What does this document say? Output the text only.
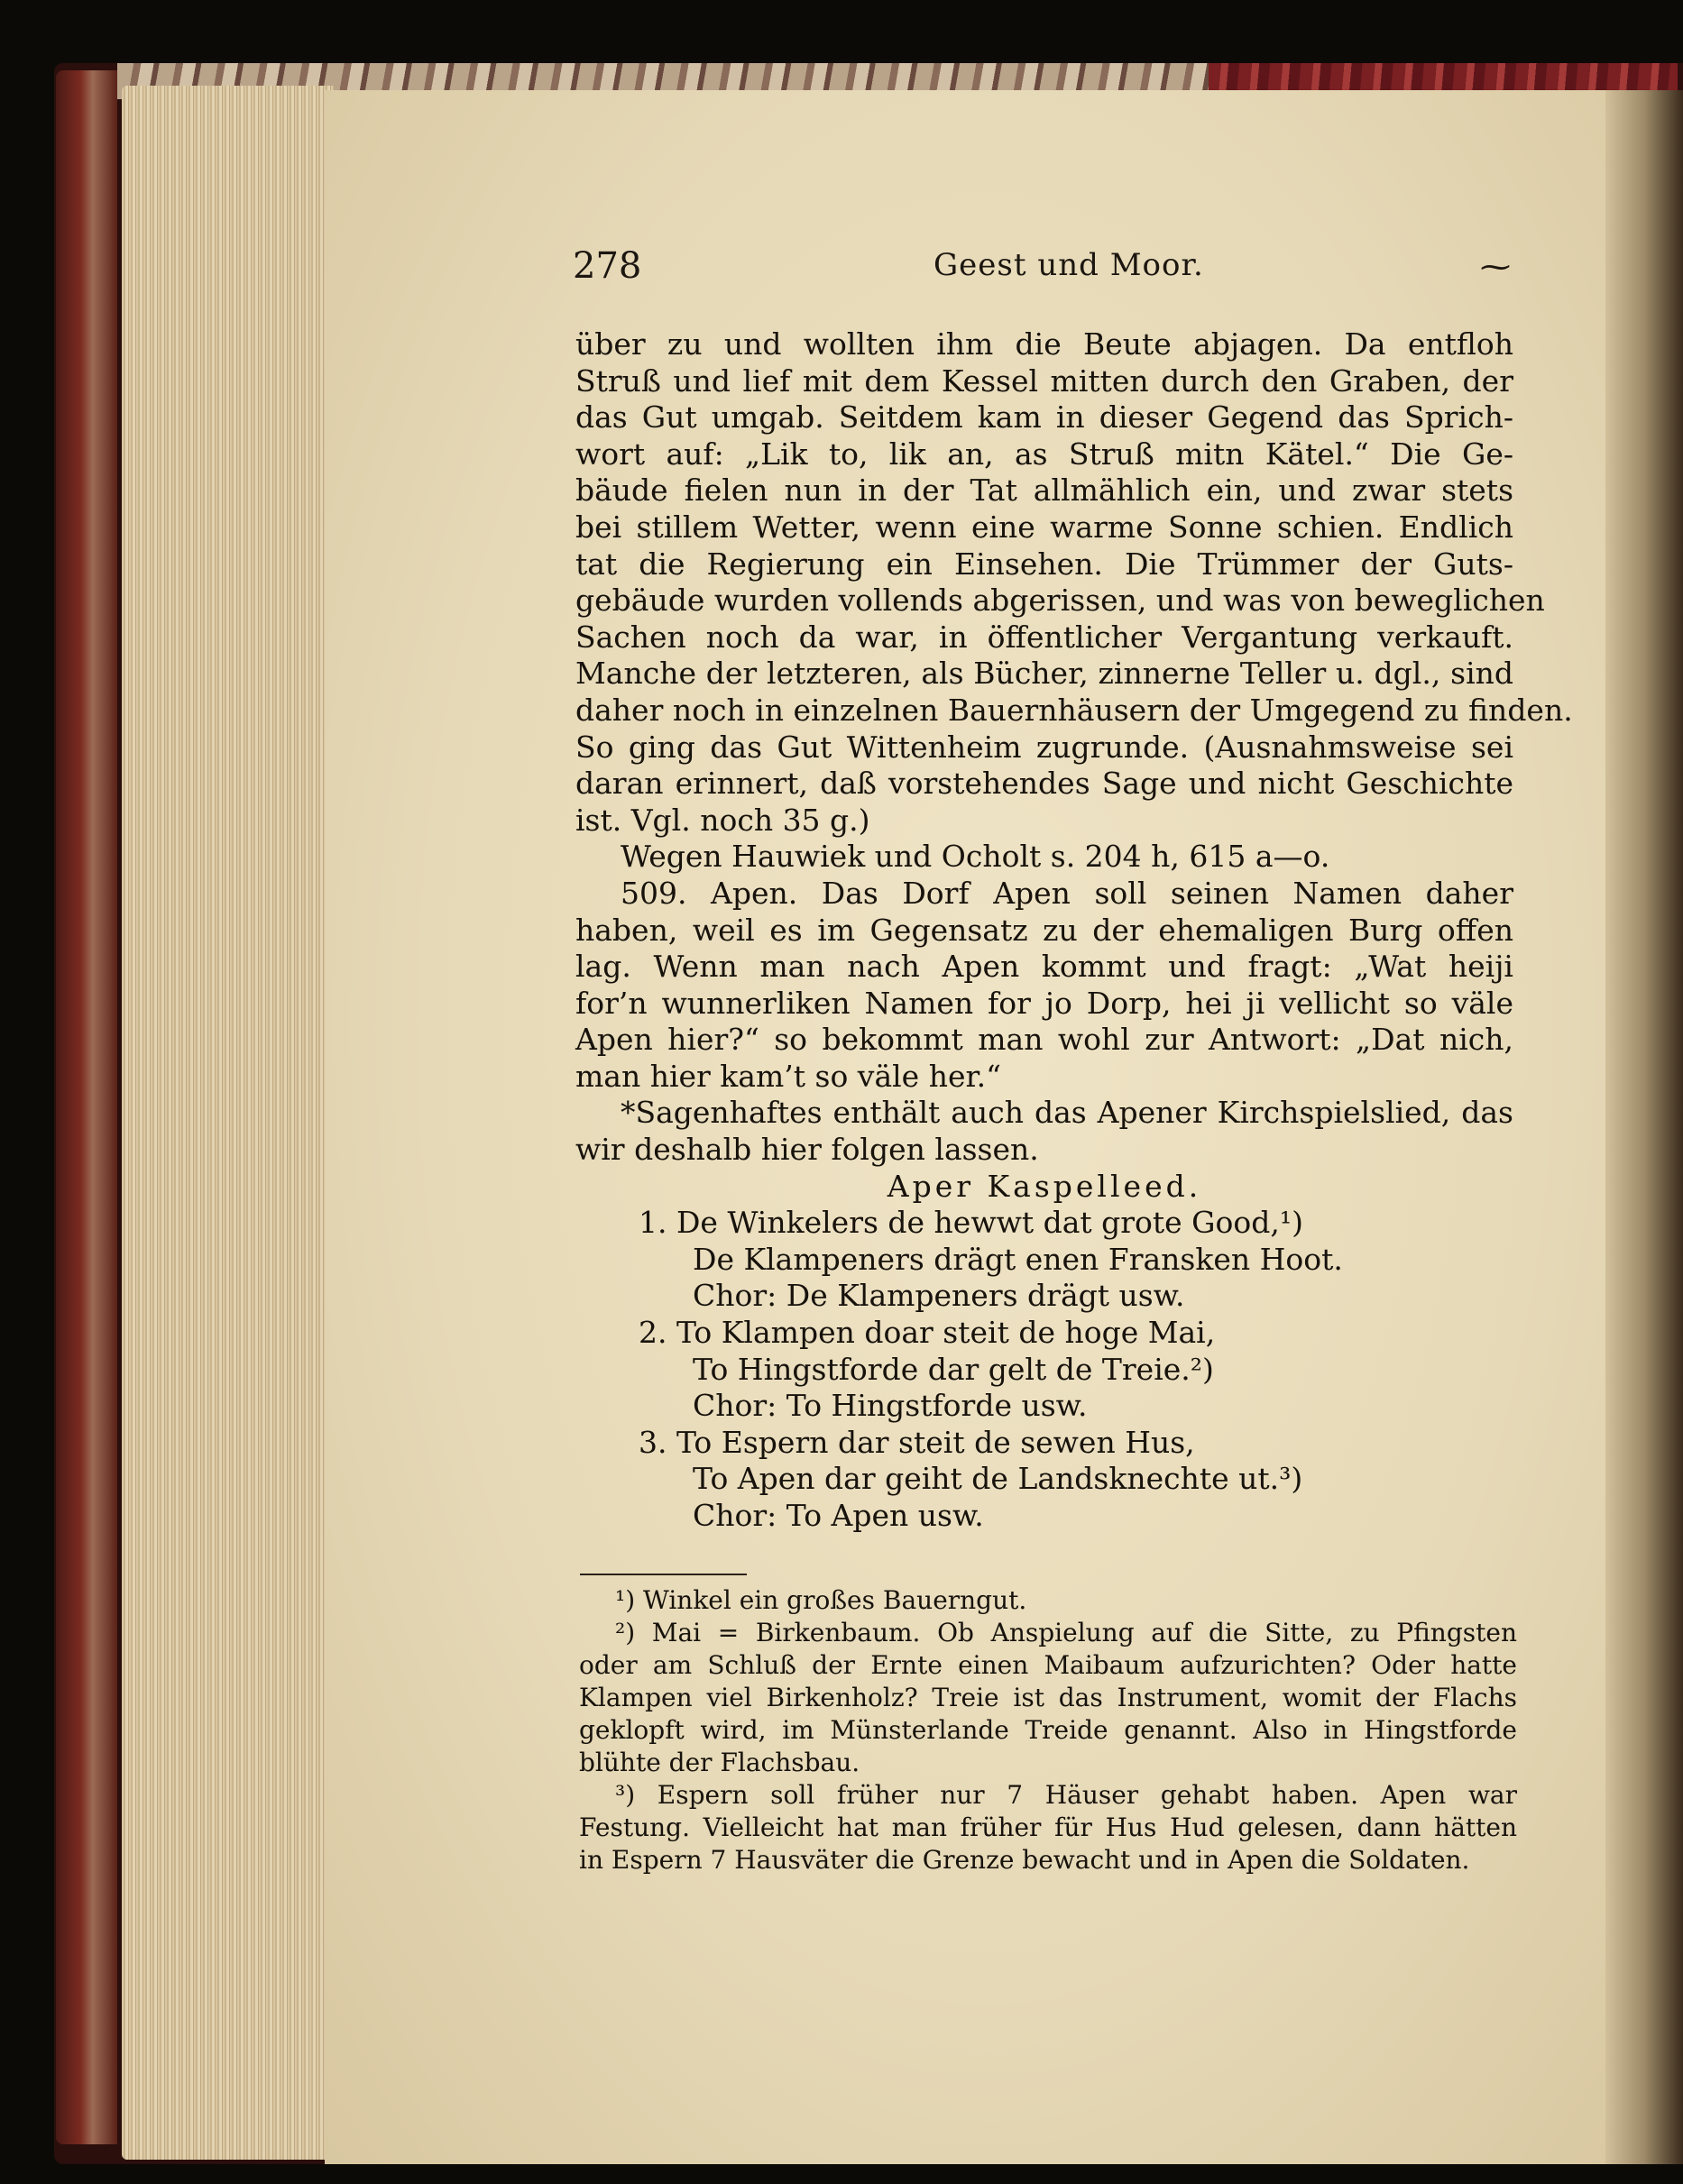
278	Geest und Moor.	⁓
über zu und wollten ihm die Beute abjagen. Da entfloh
Struß und lief mit dem Kessel mitten durch den Graben, der
das Gut umgab. Seitdem kam in dieser Gegend das Sprich-
wort auf: „Lik to, lik an, as Struß mitn Kätel.“ Die Ge-
bäude fielen nun in der Tat allmählich ein, und zwar stets
bei stillem Wetter, wenn eine warme Sonne schien. Endlich
tat die Regierung ein Einsehen. Die Trümmer der Guts-
gebäude wurden vollends abgerissen, und was von beweglichen
Sachen noch da war, in öffentlicher Vergantung verkauft.
Manche der letzteren, als Bücher, zinnerne Teller u. dgl., sind
daher noch in einzelnen Bauernhäusern der Umgegend zu finden.
So ging das Gut Wittenheim zugrunde. (Ausnahmsweise sei
daran erinnert, daß vorstehendes Sage und nicht Geschichte
ist. Vgl. noch 35 g.)
Wegen Hauwiek und Ocholt s. 204 h, 615 a—o.
509. Apen. Das Dorf Apen soll seinen Namen daher
haben, weil es im Gegensatz zu der ehemaligen Burg offen
lag. Wenn man nach Apen kommt und fragt: „Wat heiji
for’n wunnerliken Namen for jo Dorp, hei ji vellicht so väle
Apen hier?“ so bekommt man wohl zur Antwort: „Dat nich,
man hier kam’t so väle her.“
*Sagenhaftes enthält auch das Apener Kirchspielslied, das
wir deshalb hier folgen lassen.
Aper Kaspelleed.
1. De Winkelers de hewwt dat grote Good,¹)
De Klampeners drägt enen Fransken Hoot.
Chor: De Klampeners drägt usw.
2. To Klampen doar steit de hoge Mai,
To Hingstforde dar gelt de Treie.²)
Chor: To Hingstforde usw.
3. To Espern dar steit de sewen Hus,
To Apen dar geiht de Landsknechte ut.³)
Chor: To Apen usw.
¹) Winkel ein großes Bauerngut.
²) Mai = Birkenbaum. Ob Anspielung auf die Sitte, zu Pfingsten
oder am Schluß der Ernte einen Maibaum aufzurichten? Oder hatte
Klampen viel Birkenholz? Treie ist das Instrument, womit der Flachs
geklopft wird, im Münsterlande Treide genannt. Also in Hingstforde
blühte der Flachsbau.
³) Espern soll früher nur 7 Häuser gehabt haben. Apen war
Festung. Vielleicht hat man früher für Hus Hud gelesen, dann hätten
in Espern 7 Hausväter die Grenze bewacht und in Apen die Soldaten.
